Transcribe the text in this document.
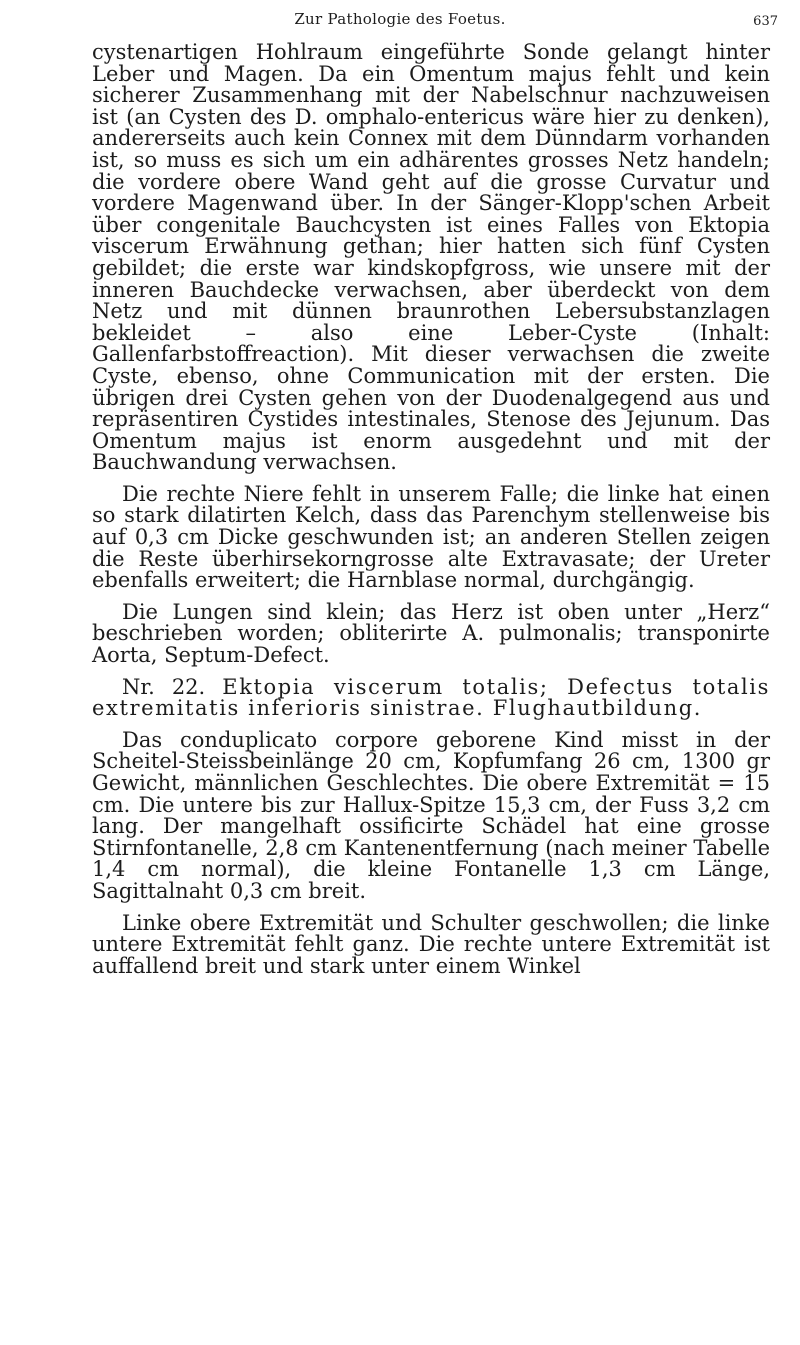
Zur Pathologie des Foetus.	637

cystenartigen Hohlraum eingeführte Sonde gelangt hinter Leber und Magen. Da ein Omentum majus fehlt und kein sicherer Zusammenhang mit der Nabelschnur nachzuweisen ist (an Cysten des D. omphalo-entericus wäre hier zu denken), andererseits auch kein Connex mit dem Dünndarm vorhanden ist, so muss es sich um ein adhärentes grosses Netz handeln; die vordere obere Wand geht auf die grosse Curvatur und vordere Magenwand über. In der Sänger-Klopp'schen Arbeit über congenitale Bauchcysten ist eines Falles von Ektopia viscerum Erwähnung gethan; hier hatten sich fünf Cysten gebildet; die erste war kindskopfgross, wie unsere mit der inneren Bauchdecke verwachsen, aber überdeckt von dem Netz und mit dünnen braunrothen Lebersubstanzlagen bekleidet – also eine Leber-Cyste (Inhalt: Gallenfarbstoffreaction). Mit dieser verwachsen die zweite Cyste, ebenso, ohne Communication mit der ersten. Die übrigen drei Cysten gehen von der Duodenalgegend aus und repräsentiren Cystides intestinales, Stenose des Jejunum. Das Omentum majus ist enorm ausgedehnt und mit der Bauchwandung verwachsen.

Die rechte Niere fehlt in unserem Falle; die linke hat einen so stark dilatirten Kelch, dass das Parenchym stellenweise bis auf 0,3 cm Dicke geschwunden ist; an anderen Stellen zeigen die Reste überhirsekorngrosse alte Extravasate; der Ureter ebenfalls erweitert; die Harnblase normal, durchgängig.

Die Lungen sind klein; das Herz ist oben unter „Herz“ beschrieben worden; obliterirte A. pulmonalis; transponirte Aorta, Septum-Defect.

Nr. 22. Ektopia viscerum totalis; Defectus totalis extremitatis inferioris sinistrae. Flughautbildung.

Das conduplicato corpore geborene Kind misst in der Scheitel-Steissbeinlänge 20 cm, Kopfumfang 26 cm, 1300 gr Gewicht, männlichen Geschlechtes. Die obere Extremität = 15 cm. Die untere bis zur Hallux-Spitze 15,3 cm, der Fuss 3,2 cm lang. Der mangelhaft ossificirte Schädel hat eine grosse Stirnfontanelle, 2,8 cm Kantenentfernung (nach meiner Tabelle 1,4 cm normal), die kleine Fontanelle 1,3 cm Länge, Sagittalnaht 0,3 cm breit.

Linke obere Extremität und Schulter geschwollen; die linke untere Extremität fehlt ganz. Die rechte untere Extremität ist auffallend breit und stark unter einem Winkel
